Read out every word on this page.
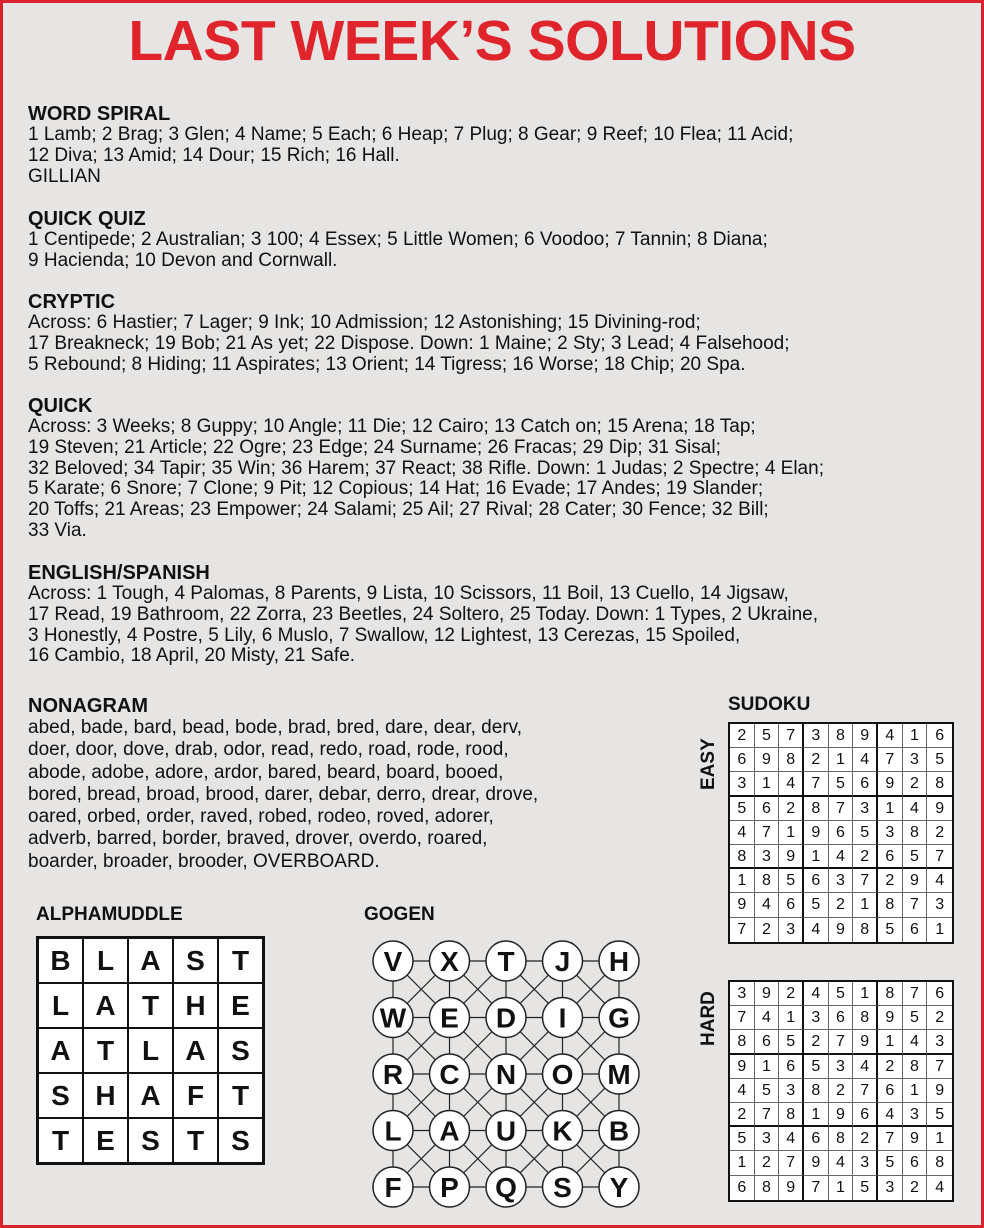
LAST WEEK’S SOLUTIONS
WORD SPIRAL
1 Lamb; 2 Brag; 3 Glen; 4 Name; 5 Each; 6 Heap; 7 Plug; 8 Gear; 9 Reef; 10 Flea; 11 Acid;
12 Diva; 13 Amid; 14 Dour; 15 Rich; 16 Hall.
GILLIAN
QUICK QUIZ
1 Centipede; 2 Australian; 3 100; 4 Essex; 5 Little Women; 6 Voodoo; 7 Tannin; 8 Diana;
9 Hacienda; 10 Devon and Cornwall.
CRYPTIC
Across: 6 Hastier; 7 Lager; 9 Ink; 10 Admission; 12 Astonishing; 15 Divining-rod;
17 Breakneck; 19 Bob; 21 As yet; 22 Dispose. Down: 1 Maine; 2 Sty; 3 Lead; 4 Falsehood;
5 Rebound; 8 Hiding; 11 Aspirates; 13 Orient; 14 Tigress; 16 Worse; 18 Chip; 20 Spa.
QUICK
Across: 3 Weeks; 8 Guppy; 10 Angle; 11 Die; 12 Cairo; 13 Catch on; 15 Arena; 18 Tap;
19 Steven; 21 Article; 22 Ogre; 23 Edge; 24 Surname; 26 Fracas; 29 Dip; 31 Sisal;
32 Beloved; 34 Tapir; 35 Win; 36 Harem; 37 React; 38 Rifle. Down: 1 Judas; 2 Spectre; 4 Elan;
5 Karate; 6 Snore; 7 Clone; 9 Pit; 12 Copious; 14 Hat; 16 Evade; 17 Andes; 19 Slander;
20 Toffs; 21 Areas; 23 Empower; 24 Salami; 25 Ail; 27 Rival; 28 Cater; 30 Fence; 32 Bill;
33 Via.
ENGLISH/SPANISH
Across: 1 Tough, 4 Palomas, 8 Parents, 9 Lista, 10 Scissors, 11 Boil, 13 Cuello, 14 Jigsaw,
17 Read, 19 Bathroom, 22 Zorra, 23 Beetles, 24 Soltero, 25 Today. Down: 1 Types, 2 Ukraine,
3 Honestly, 4 Postre, 5 Lily, 6 Muslo, 7 Swallow, 12 Lightest, 13 Cerezas, 15 Spoiled,
16 Cambio, 18 April, 20 Misty, 21 Safe.
NONAGRAM
abed, bade, bard, bead, bode, brad, bred, dare, dear, derv,
doer, door, dove, drab, odor, read, redo, road, rode, rood,
abode, adobe, adore, ardor, bared, beard, board, booed,
bored, bread, broad, brood, darer, debar, derro, drear, drove,
oared, orbed, order, raved, robed, rodeo, roved, adorer,
adverb, barred, border, braved, drover, overdo, roared,
boarder, broader, brooder, OVERBOARD.
ALPHAMUDDLE
B L A S T
L A T H E
A T L A S
S H A F T
T E S T S
GOGEN
V X T J H
W E D I G
R C N O M
L A U K B
F P Q S Y
SUDOKU
EASY
2 5 7	3 8 9	4 1	6
6 9 8	2 1 4	7 3	5
3 1 4	7 5 6	9 2	8
5 6 2	8 7 3	1 4	9
4 7 1	9 6 5	3 8	2
8 3 9	1 4 2	6 5	7
1 8 5	6 3 7	2 9	4
9 4 6	5 2 1	8 7	3
7 2 3	4 9 8	5 6	1
HARD	3 9 2	4 5 1	8 7	6
7 4 1	3 6 8	9 5	2
8 6 5	2 7 9	1 4	3
9 1 6	5 3 4	2 8	7
4 5 3	8 2 7	6 1	9
2 7 8	1 9 6	4 3	5
5 3 4	6 8 2	7 9	1
1 2 7	9 4 3	5 6	8
6 8 9	7 1 5	3 2	4
